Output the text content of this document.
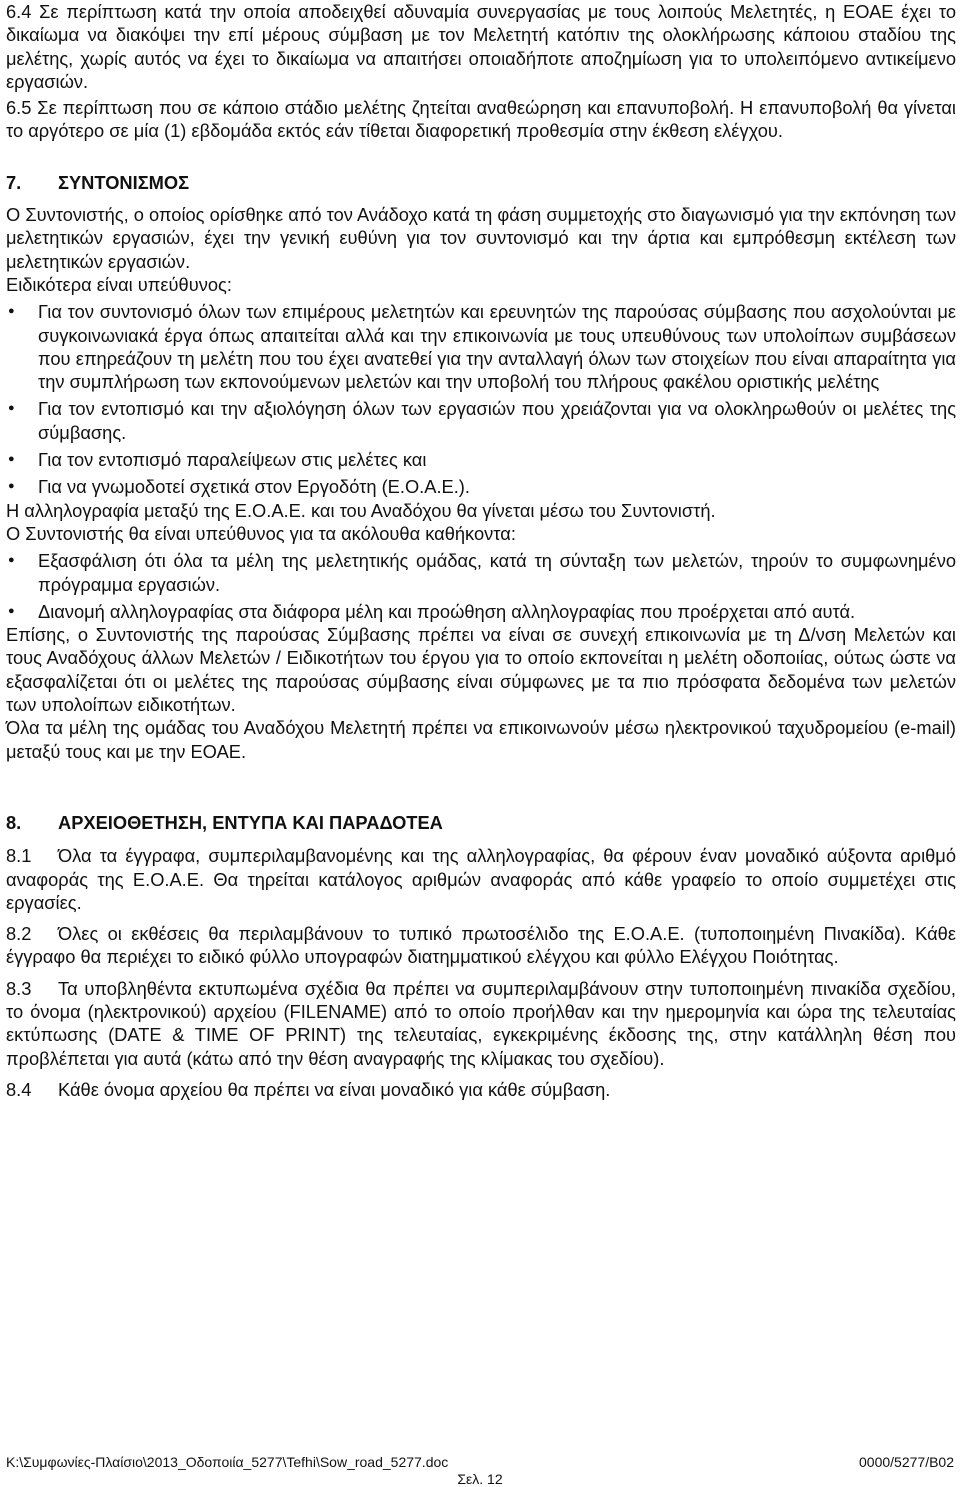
6.4 Σε περίπτωση κατά την οποία αποδειχθεί αδυναμία συνεργασίας με τους λοιπούς Μελετητές, η ΕΟΑΕ έχει το δικαίωμα να διακόψει την επί μέρους σύμβαση με τον Μελετητή κατόπιν της ολοκλήρωσης κάποιου σταδίου της μελέτης, χωρίς αυτός να έχει το δικαίωμα να απαιτήσει οποιαδήποτε αποζημίωση για το υπολειπόμενο αντικείμενο εργασιών.

6.5 Σε περίπτωση που σε κάποιο στάδιο μελέτης ζητείται αναθεώρηση και επανυποβολή. Η επανυποβολή θα γίνεται το αργότερο σε μία (1) εβδομάδα εκτός εάν τίθεται διαφορετική προθεσμία στην έκθεση ελέγχου.

7.	ΣΥΝΤΟΝΙΣΜΟΣ

Ο Συντονιστής, ο οποίος ορίσθηκε από τον Ανάδοχο κατά τη φάση συμμετοχής στο διαγωνισμό για την εκπόνηση των μελετητικών εργασιών, έχει την γενική ευθύνη για τον συντονισμό και την άρτια και εμπρόθεσμη εκτέλεση των μελετητικών εργασιών.

Ειδικότερα είναι υπεύθυνος:

● Για τον συντονισμό όλων των επιμέρους μελετητών και ερευνητών της παρούσας σύμβασης που ασχολούνται με συγκοινωνιακά έργα όπως απαιτείται αλλά και την επικοινωνία με τους υπευθύνους των υπολοίπων συμβάσεων που επηρεάζουν τη μελέτη που του έχει ανατεθεί για την ανταλλαγή όλων των στοιχείων που είναι απαραίτητα για την συμπλήρωση των εκπονούμενων μελετών και την υποβολή του πλήρους φακέλου οριστικής μελέτης

● Για τον εντοπισμό και την αξιολόγηση όλων των εργασιών που χρειάζονται για να ολοκληρωθούν οι μελέτες της σύμβασης.

● Για τον εντοπισμό παραλείψεων στις μελέτες και

● Για να γνωμοδοτεί σχετικά στον Εργοδότη (Ε.Ο.Α.Ε.).

Η αλληλογραφία μεταξύ της Ε.Ο.Α.Ε. και του Αναδόχου θα γίνεται μέσω του Συντονιστή.

Ο Συντονιστής θα είναι υπεύθυνος για τα ακόλουθα καθήκοντα:

● Εξασφάλιση ότι όλα τα μέλη της μελετητικής ομάδας, κατά τη σύνταξη των μελετών, τηρούν το συμφωνημένο πρόγραμμα εργασιών.

● Διανομή αλληλογραφίας στα διάφορα μέλη και προώθηση αλληλογραφίας που προέρχεται από αυτά.

Επίσης, ο Συντονιστής της παρούσας Σύμβασης πρέπει να είναι σε συνεχή επικοινωνία με τη Δ/νση Μελετών και τους Αναδόχους άλλων Μελετών / Ειδικοτήτων του έργου για το οποίο εκπονείται η μελέτη οδοποιίας, ούτως ώστε να εξασφαλίζεται ότι οι μελέτες της παρούσας σύμβασης είναι σύμφωνες με τα πιο πρόσφατα δεδομένα των μελετών των υπολοίπων ειδικοτήτων.

Όλα τα μέλη της ομάδας του Αναδόχου Μελετητή πρέπει να επικοινωνούν μέσω ηλεκτρονικού ταχυδρομείου (e-mail) μεταξύ τους και με την ΕΟΑΕ.

8.	ΑΡΧΕΙΟΘΕΤΗΣΗ, ΕΝΤΥΠΑ ΚΑΙ ΠΑΡΑΔΟΤΕΑ

8.1 Όλα τα έγγραφα, συμπεριλαμβανομένης και της αλληλογραφίας, θα φέρουν έναν μοναδικό αύξοντα αριθμό αναφοράς της Ε.Ο.Α.Ε. Θα τηρείται κατάλογος αριθμών αναφοράς από κάθε γραφείο το οποίο συμμετέχει στις εργασίες.

8.2 Όλες οι εκθέσεις θα περιλαμβάνουν το τυπικό πρωτοσέλιδο της Ε.Ο.Α.Ε. (τυποποιημένη Πινακίδα). Κάθε έγγραφο θα περιέχει το ειδικό φύλλο υπογραφών διατημματικού ελέγχου και φύλλο Ελέγχου Ποιότητας.

8.3 Τα υποβληθέντα εκτυπωμένα σχέδια θα πρέπει να συμπεριλαμβάνουν στην τυποποιημένη πινακίδα σχεδίου, το όνομα (ηλεκτρονικού) αρχείου (FILENAME) από το οποίο προήλθαν και την ημερομηνία και ώρα της τελευταίας εκτύπωσης (DATE & TIME OF PRINT) της τελευταίας, εγκεκριμένης έκδοσης της, στην κατάλληλη θέση που προβλέπεται για αυτά (κάτω από την θέση αναγραφής της κλίμακας του σχεδίου).

8.4 Κάθε όνομα αρχείου θα πρέπει να είναι μοναδικό για κάθε σύμβαση.

K:\Συμφωνίες-Πλαίσιο\2013_Οδοποιία_5277\Tefhi\Sow_road_5277.doc	0000/5277/B02
Σελ. 12
